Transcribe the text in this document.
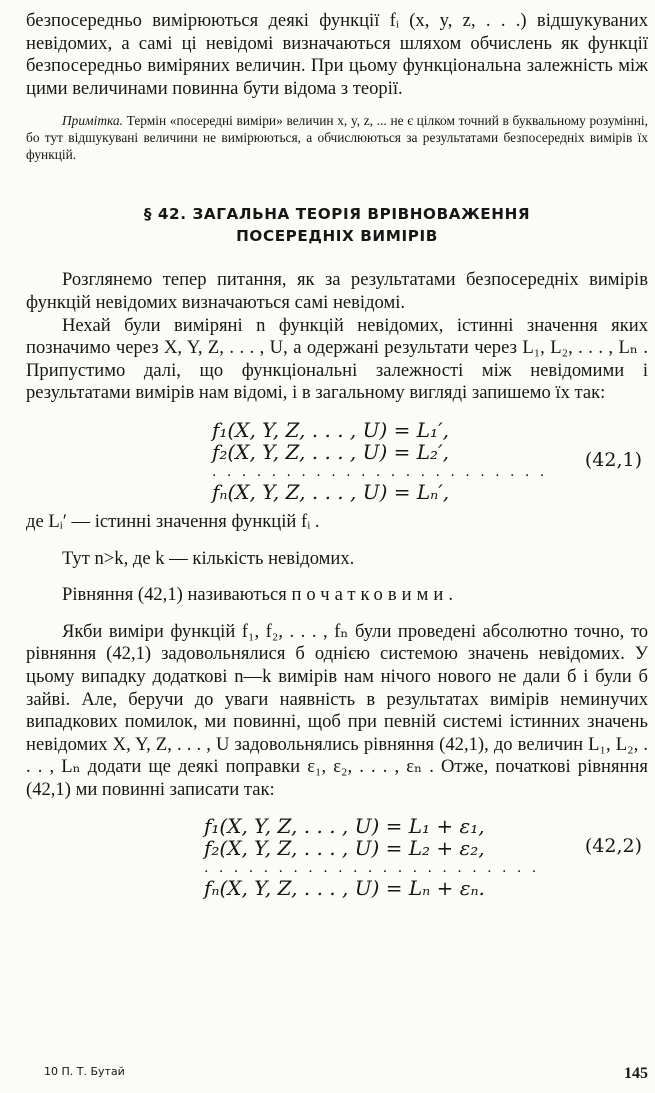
безпосередньо вимірюються деякі функції fᵢ (x, y, z, . . .) відшукуваних невідомих, а самі ці невідомі визначаються шляхом обчислень як функції безпосередньо виміряних величин. При цьому функціональна залежність між цими величинами повинна бути відома з теорії.

Примітка. Термін «посередні виміри» величин x, y, z, ... не є цілком точний в буквальному розумінні, бо тут відшукувані величини не вимірюються, а обчислюються за результатами безпосередніх вимірів їх функцій.

§ 42. ЗАГАЛЬНА ТЕОРІЯ ВРІВНОВАЖЕННЯ
ПОСЕРЕДНІХ ВИМІРІВ

Розглянемо тепер питання, як за результатами безпосередніх вимірів функцій невідомих визначаються самі невідомі.

Нехай були виміряні n функцій невідомих, істинні значення яких позначимо через X, Y, Z, . . . , U, а одержані результати через L₁, L₂, . . . , Lₙ . Припустимо далі, що функціональні залежності між невідомими і результатами вимірів нам відомі, і в загальному вигляді запишемо їх так:

f₁(X, Y, Z, . . . , U) = L₁′,
f₂(X, Y, Z, . . . , U) = L₂′,
. . . . . . . . . . . . . . . . . . . . . . .
fₙ(X, Y, Z, . . . , U) = Lₙ′,
(42,1)

де Lᵢ′ — істинні значення функцій fᵢ .

Тут n>k, де k — кількість невідомих.

Рівняння (42,1) називаються початковими.

Якби виміри функцій f₁, f₂, . . . , fₙ були проведені абсолютно точно, то рівняння (42,1) задовольнялися б однією системою значень невідомих. У цьому випадку додаткові n—k вимірів нам нічого нового не дали б і були б зайві. Але, беручи до уваги наявність в результатах вимірів неминучих випадкових помилок, ми повинні, щоб при певній системі істинних значень невідомих X, Y, Z, . . . , U задовольнялись рівняння (42,1), до величин L₁, L₂, . . . , Lₙ додати ще деякі поправки ε₁, ε₂, . . . , εₙ . Отже, початкові рівняння (42,1) ми повинні записати так:

f₁(X, Y, Z, . . . , U) = L₁ + ε₁,
f₂(X, Y, Z, . . . , U) = L₂ + ε₂,
. . . . . . . . . . . . . . . . . . . . . . .
fₙ(X, Y, Z, . . . , U) = Lₙ + εₙ.
(42,2)
10 П. Т. Бутай	145
